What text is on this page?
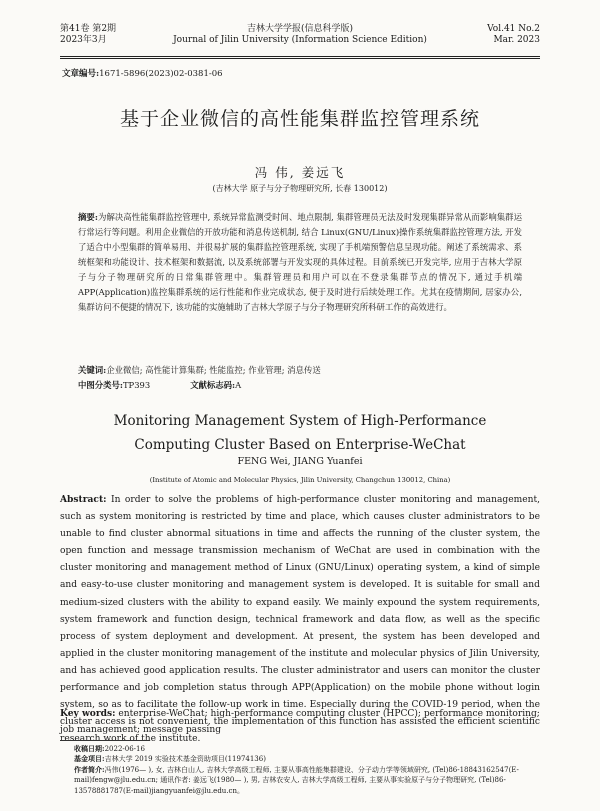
第41卷 第2期
2023年3月
吉林大学学报(信息科学版)
Journal of Jilin University (Information Science Edition)
Vol.41 No.2
Mar. 2023
文章编号:1671-5896(2023)02-0381-06
基于企业微信的高性能集群监控管理系统
冯 伟, 姜远飞
(吉林大学 原子与分子物理研究所, 长春 130012)
摘要:为解决高性能集群监控管理中, 系统异常监测受时间、地点限制, 集群管理员无法及时发现集群异常从而影响集群运行常运行等问题。利用企业微信的开放功能和消息传送机制, 结合 Linux(GNU/Linux)操作系统集群监控管理方法, 开发了适合中小型集群的简单易用、并很易扩展的集群监控管理系统, 实现了手机端预警信息呈现功能。阐述了系统需求、系统框架和功能设计、技术框架和数据流, 以及系统部署与开发实现的具体过程。目前系统已开发完毕, 应用于吉林大学原子与分子物理研究所的日常集群管理中。集群管理员和用户可以在不登录集群节点的情况下, 通过手机端 APP(Application)监控集群系统的运行性能和作业完成状态, 便于及时进行后续处理工作。尤其在疫情期间, 居家办公, 集群访问不便捷的情况下, 该功能的实施辅助了吉林大学原子与分子物理研究所科研工作的高效进行。
关键词:企业微信; 高性能计算集群; 性能监控; 作业管理; 消息传送
中图分类号:TP393	文献标志码:A
Monitoring Management System of High-Performance
Computing Cluster Based on Enterprise-WeChat
FENG Wei, JIANG Yuanfei
(Institute of Atomic and Molecular Physics, Jilin University, Changchun 130012, China)
Abstract: In order to solve the problems of high-performance cluster monitoring and management, such as system monitoring is restricted by time and place, which causes cluster administrators to be unable to find cluster abnormal situations in time and affects the running of the cluster system, the open function and message transmission mechanism of WeChat are used in combination with the cluster monitoring and management method of Linux (GNU/Linux) operating system, a kind of simple and easy-to-use cluster monitoring and management system is developed. It is suitable for small and medium-sized clusters with the ability to expand easily. We mainly expound the system requirements, system framework and function design, technical framework and data flow, as well as the specific process of system deployment and development. At present, the system has been developed and applied in the cluster monitoring management of the institute and molecular physics of Jilin University, and has achieved good application results. The cluster administrator and users can monitor the cluster performance and job completion status through APP(Application) on the mobile phone without login system, so as to facilitate the follow-up work in time. Especially during the COVID-19 period, when the cluster access is not convenient, the implementation of this function has assisted the efficient scientific research work of the institute.
Key words: enterprise-WeChat; high-performance computing cluster (HPCC); performance monitoring; job management; message passing
收稿日期:2022-06-16
基金项目:吉林大学 2019 实验技术基金资助项目(11974136)
作者简介:冯伟(1976— ), 女, 吉林白山人, 吉林大学高级工程师, 主要从事高性能集群建设、分子动力学等领域研究, (Tel)86-18843162547(E-mail)fengw@jlu.edu.cn; 通讯作者: 姜远飞(1980— ), 男, 吉林农安人, 吉林大学高级工程师, 主要从事实验原子与分子物理研究, (Tel)86-13578881787(E-mail)jiangyuanfei@jlu.edu.cn。
